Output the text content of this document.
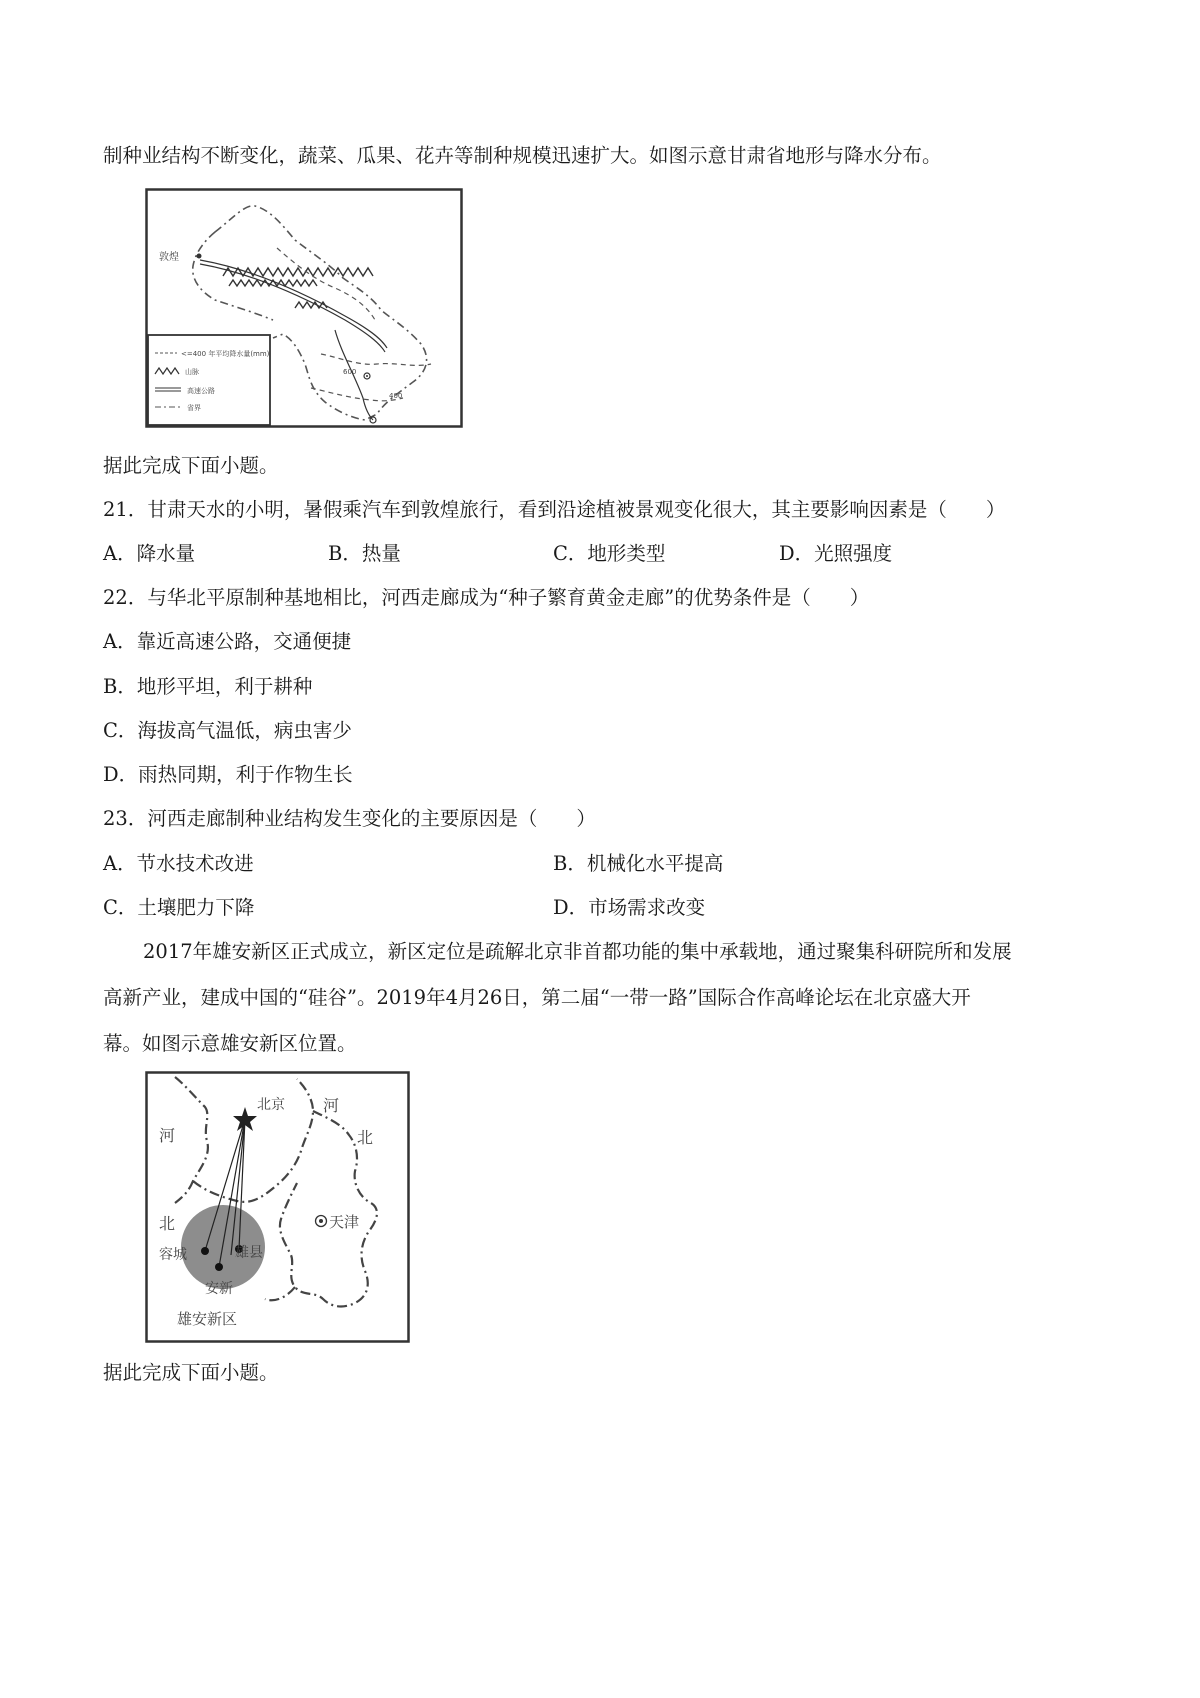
制种业结构不断变化，蔬菜、瓜果、花卉等制种规模迅速扩大。如图示意甘肃省地形与降水分布。
敦煌
400
600
<=400 年平均降水量(mm)
山脉
高速公路
省界
据此完成下面小题。
21．甘肃天水的小明，暑假乘汽车到敦煌旅行，看到沿途植被景观变化很大，其主要影响因素是（　　）
A．降水量	B．热量	C．地形类型	D．光照强度
22．与华北平原制种基地相比，河西走廊成为“种子繁育黄金走廊”的优势条件是（　　）
A．靠近高速公路，交通便捷
B．地形平坦，利于耕种
C．海拔高气温低，病虫害少
D．雨热同期，利于作物生长
23．河西走廊制种业结构发生变化的主要原因是（　　）
A．节水技术改进	B．机械化水平提高
C．土壤肥力下降	D．市场需求改变
2017年雄安新区正式成立，新区定位是疏解北京非首都功能的集中承载地，通过聚集科研院所和发展
高新产业，建成中国的“硅谷”。2019年4月26日，第二届“一带一路”国际合作高峰论坛在北京盛大开
幕。如图示意雄安新区位置。
河
北
北京 河
北
天津
容城	雄县
安新
雄安新区
据此完成下面小题。
